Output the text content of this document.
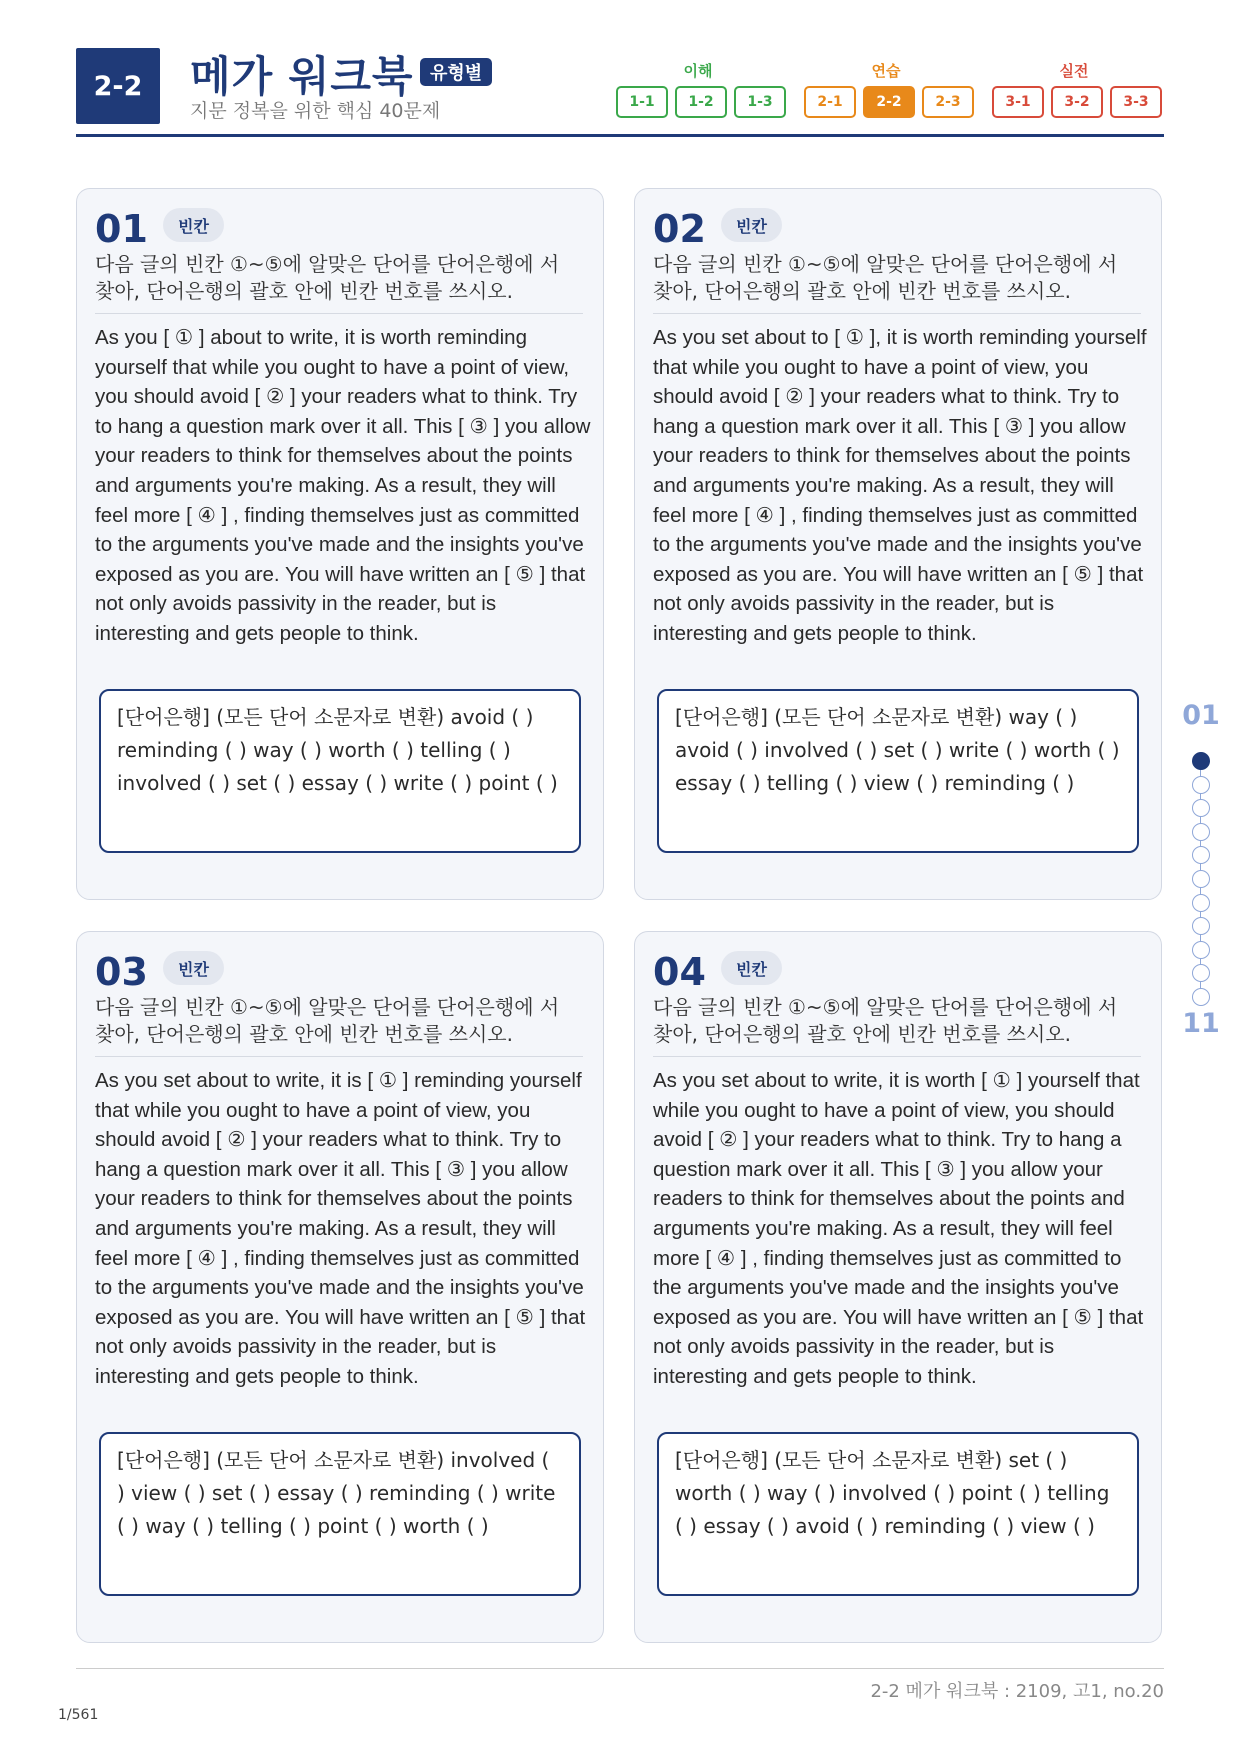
2-2	메가 워크북 유형별
지문 정복을 위한 핵심 40문제
이해	연습	실전
1-1	1-2	1-3	2-1	2-2	2-3	3-1	3-2	3-3
01	빈칸
다음 글의 빈칸 ①~⑤에 알맞은 단어를 단어은행에 서 찾아, 단어은행의 괄호 안에 빈칸 번호를 쓰시오.
As you [ ① ] about to write, it is worth reminding yourself that while you ought to have a point of view, you should avoid [ ② ] your readers what to think. Try to hang a question mark over it all. This [ ③ ] you allow your readers to think for themselves about the points and arguments you're making. As a result, they will feel more [ ④ ] , finding themselves just as committed to the arguments you've made and the insights you've exposed as you are. You will have written an [ ⑤ ] that not only avoids passivity in the reader, but is interesting and gets people to think.
[단어은행] (모든 단어 소문자로 변환) avoid ( ) reminding ( ) way ( ) worth ( ) telling ( ) involved ( ) set ( ) essay ( ) write ( ) point ( )
02	빈칸
다음 글의 빈칸 ①~⑤에 알맞은 단어를 단어은행에 서 찾아, 단어은행의 괄호 안에 빈칸 번호를 쓰시오.
As you set about to [ ① ], it is worth reminding yourself that while you ought to have a point of view, you should avoid [ ② ] your readers what to think. Try to hang a question mark over it all. This [ ③ ] you allow your readers to think for themselves about the points and arguments you're making. As a result, they will feel more [ ④ ] , finding themselves just as committed to the arguments you've made and the insights you've exposed as you are. You will have written an [ ⑤ ] that not only avoids passivity in the reader, but is interesting and gets people to think.
[단어은행] (모든 단어 소문자로 변환) way ( ) avoid ( ) involved ( ) set ( ) write ( ) worth ( ) essay ( ) telling ( ) view ( ) reminding ( )
03	빈칸
다음 글의 빈칸 ①~⑤에 알맞은 단어를 단어은행에 서 찾아, 단어은행의 괄호 안에 빈칸 번호를 쓰시오.
As you set about to write, it is [ ① ] reminding yourself that while you ought to have a point of view, you should avoid [ ② ] your readers what to think. Try to hang a question mark over it all. This [ ③ ] you allow your readers to think for themselves about the points and arguments you're making. As a result, they will feel more [ ④ ] , finding themselves just as committed to the arguments you've made and the insights you've exposed as you are. You will have written an [ ⑤ ] that not only avoids passivity in the reader, but is interesting and gets people to think.
[단어은행] (모든 단어 소문자로 변환) involved ( ) view ( ) set ( ) essay ( ) reminding ( ) write ( ) way ( ) telling ( ) point ( ) worth ( )
04	빈칸
다음 글의 빈칸 ①~⑤에 알맞은 단어를 단어은행에 서 찾아, 단어은행의 괄호 안에 빈칸 번호를 쓰시오.
As you set about to write, it is worth [ ① ] yourself that while you ought to have a point of view, you should avoid [ ② ] your readers what to think. Try to hang a question mark over it all. This [ ③ ] you allow your readers to think for themselves about the points and arguments you're making. As a result, they will feel more [ ④ ] , finding themselves just as committed to the arguments you've made and the insights you've exposed as you are. You will have written an [ ⑤ ] that not only avoids passivity in the reader, but is interesting and gets people to think.
[단어은행] (모든 단어 소문자로 변환) set ( ) worth ( ) way ( ) involved ( ) point ( ) telling ( ) essay ( ) avoid ( ) reminding ( ) view ( )
01
11
2-2 메가 워크북 : 2109, 고1, no.20
1/561
